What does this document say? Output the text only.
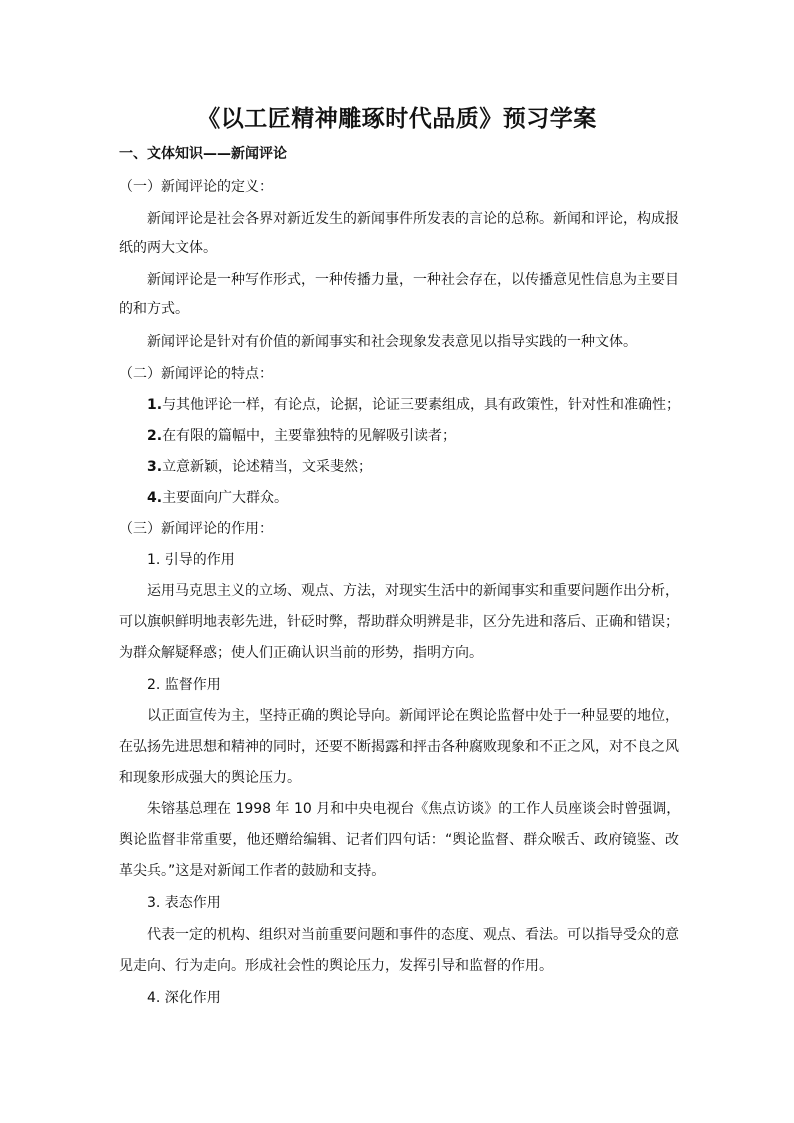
《以工匠精神雕琢时代品质》预习学案

一、文体知识——新闻评论

（一）新闻评论的定义：

新闻评论是社会各界对新近发生的新闻事件所发表的言论的总称。新闻和评论，构成报

纸的两大文体。

新闻评论是一种写作形式，一种传播力量，一种社会存在，以传播意见性信息为主要目

的和方式。

新闻评论是针对有价值的新闻事实和社会现象发表意见以指导实践的一种文体。

（二）新闻评论的特点：

1.与其他评论一样，有论点，论据，论证三要素组成，具有政策性，针对性和准确性；

2.在有限的篇幅中，主要靠独特的见解吸引读者；

3.立意新颖，论述精当，文采斐然；

4.主要面向广大群众。

（三）新闻评论的作用：

1. 引导的作用

运用马克思主义的立场、观点、方法，对现实生活中的新闻事实和重要问题作出分析，

可以旗帜鲜明地表彰先进，针砭时弊，帮助群众明辨是非，区分先进和落后、正确和错误；

为群众解疑释惑；使人们正确认识当前的形势，指明方向。

2. 监督作用

以正面宣传为主，坚持正确的舆论导向。新闻评论在舆论监督中处于一种显要的地位，

在弘扬先进思想和精神的同时，还要不断揭露和抨击各种腐败现象和不正之风，对不良之风

和现象形成强大的舆论压力。

朱镕基总理在 1998 年 10 月和中央电视台《焦点访谈》的工作人员座谈会时曾强调，

舆论监督非常重要，他还赠给编辑、记者们四句话：“舆论监督、群众喉舌、政府镜鉴、改

革尖兵。”这是对新闻工作者的鼓励和支持。

3. 表态作用

代表一定的机构、组织对当前重要问题和事件的态度、观点、看法。可以指导受众的意

见走向、行为走向。形成社会性的舆论压力，发挥引导和监督的作用。

4. 深化作用
